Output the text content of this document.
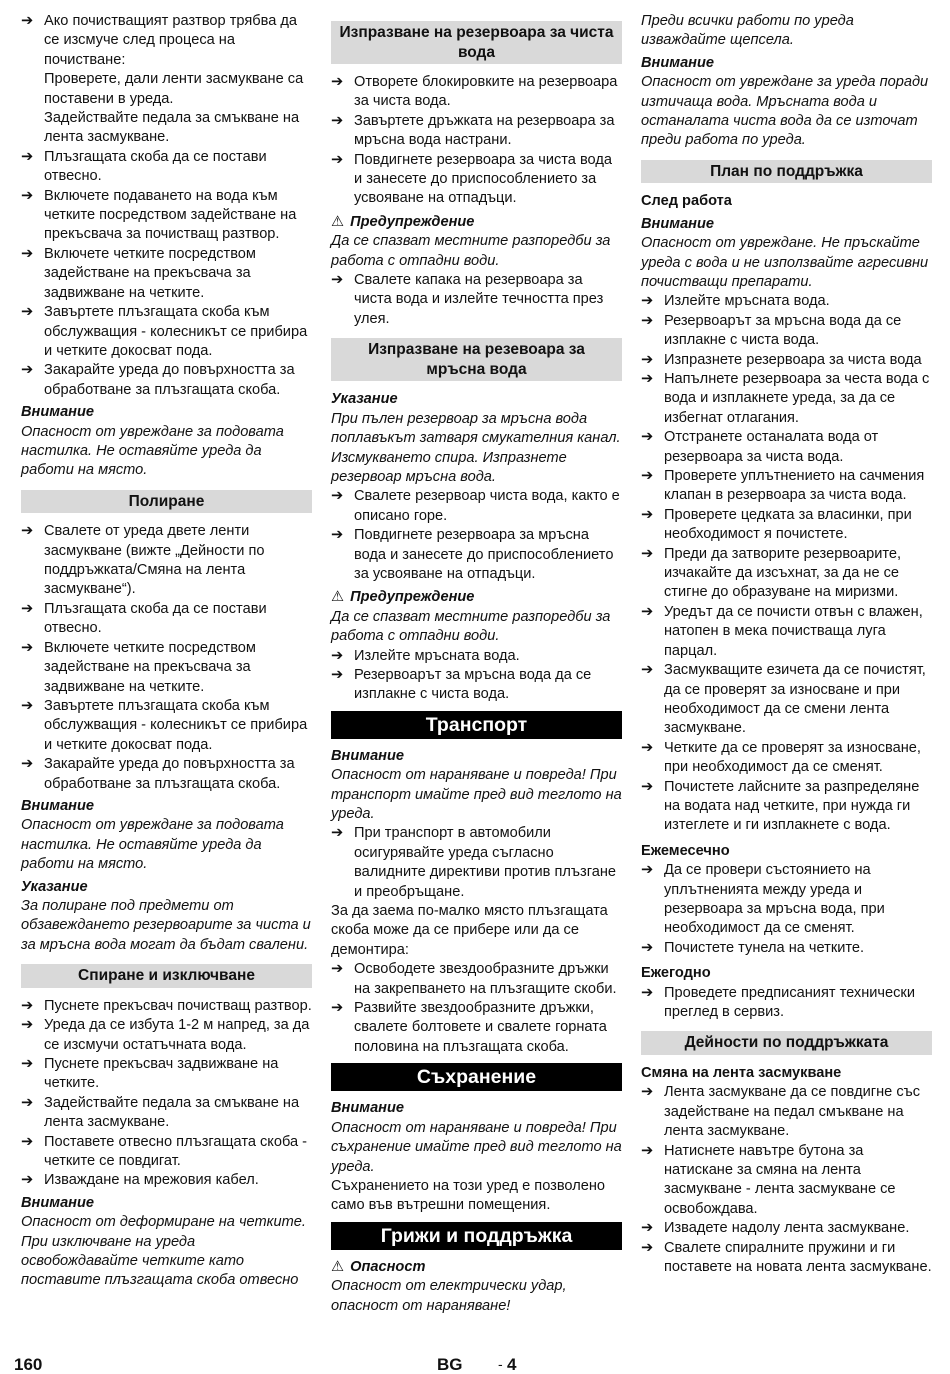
➔ Ако почистващият разтвор трябва да се изсмуче след процеса на почистване:

Проверете, дали ленти засмукване са поставени в уреда.

Задействайте педала за смъкване на лента засмукване.

➔ Плъзгащата скоба да се постави отвесно.

➔ Включете подаването на вода към четките посредством задействане на прекъсвача за почистващ разтвор.

➔ Включете четките посредством задействане на прекъсвача за задвижване на четките.

➔ Завъртете плъзгащата скоба към обслужващия - колесникът се прибира и четките докосват пода.

➔ Закарайте уреда до повърхността за обработване за плъзгащата скоба.

Внимание

Опасност от увреждане за подовата настилка. Не оставяйте уреда да работи на място.

Полиране

➔ Свалете от уреда двете ленти засмукване (вижте „Дейности по поддръжката/Смяна на лента засмукване“).

➔ Плъзгащата скоба да се постави отвесно.

➔ Включете четките посредством задействане на прекъсвача за задвижване на четките.

➔ Завъртете плъзгащата скоба към обслужващия - колесникът се прибира и четките докосват пода.

➔ Закарайте уреда до повърхността за обработване за плъзгащата скоба.

Внимание

Опасност от увреждане за подовата настилка. Не оставяйте уреда да работи на място.

Указание

За полиране под предмети от обзавеждането резервоарите за чиста и за мръсна вода могат да бъдат свалени.

Спиране и изключване

➔ Пуснете прекъсвач почистващ разтвор.

➔ Уреда да се избута 1-2 м напред, за да се изсмучи остатъчната вода.

➔ Пуснете прекъсвач задвижване на четките.

➔ Задействайте педала за смъкване на лента засмукване.

➔ Поставете отвесно плъзгащата скоба - четките се повдигат.

➔ Изваждане на мрежовия кабел.

Внимание

Опасност от деформиране на четките. При изключване на уреда освобождавайте четките като поставите плъзгащата скоба отвесно

Изпразване на резервоара за чиста вода

➔ Отворете блокировките на резервоара за чиста вода.

➔ Завъртете дръжката на резервоара за мръсна вода настрани.

➔ Повдигнете резервоара за чиста вода и занесете до приспособлението за усвояване на отпадъци.

⚠ Предупреждение

Да се спазват местните разпоредби за работа с отпадни води.

➔ Свалете капака на резервоара за чиста вода и излейте течността през улея.

Изпразване на резевоара за мръсна вода

Указание

При пълен резервоар за мръсна вода поплавъкът затваря смукателния канал. Изсмукването спира. Изпразнете резервоар мръсна вода.

➔ Свалете резервоар чиста вода, както е описано горе.

➔ Повдигнете резервоара за мръсна вода и занесете до приспособлението за усвояване на отпадъци.

⚠ Предупреждение

Да се спазват местните разпоредби за работа с отпадни води.

➔ Излейте мръсната вода.

➔ Резервоарът за мръсна вода да се изплакне с чиста вода.

Транспорт

Внимание

Опасност от нараняване и повреда! При транспорт имайте пред вид теглото на уреда.

➔ При транспорт в автомобили осигурявайте уреда съгласно валидните директиви против плъзгане и преобръщане.

За да заема по-малко място плъзгащата скоба може да се прибере или да се демонтира:

➔ Освободете звездообразните дръжки на закрепването на плъзгащите скоби.

➔ Развийте звездообразните дръжки, свалете болтовете и свалете горната половина на плъзгащата скоба.

Съхранение

Внимание

Опасност от нараняване и повреда! При съхранение имайте пред вид теглото на уреда.

Съхранението на този уред е позволено само във вътрешни помещения.

Грижи и поддръжка

⚠ Опасност

Опасност от електрически удар, опасност от нараняване!

Преди всички работи по уреда изваждайте щепсела.

Внимание

Опасност от увреждане за уреда поради изтичаща вода. Мръсната вода и останалата чиста вода да се източат преди работа по уреда.

План по поддръжка

След работа

Внимание

Опасност от увреждане. Не пръскайте уреда с вода и не използвайте агресивни почистващи препарати.

➔ Излейте мръсната вода.

➔ Резервоарът за мръсна вода да се изплакне с чиста вода.

➔ Изпразнете резервоара за чиста вода

➔ Напълнете резервоара за честа вода с вода и изплакнете уреда, за да се избегнат отлагания.

➔ Отстранете останалата вода от резервоара за чиста вода.

➔ Проверете уплътнението на сачмения клапан в резервоара за чиста вода.

➔ Проверете цедката за власинки, при необходимост я почистете.

➔ Преди да затворите резервоарите, изчакайте да изсъхнат, за да не се стигне до образуване на миризми.

➔ Уредът да се почисти отвън с влажен, натопен в мека почистваща луга парцал.

➔ Засмукващите езичета да се почистят, да се проверят за износване и при необходимост да се смени лента засмукване.

➔ Четките да се проверят за износване, при необходимост да се сменят.

➔ Почистете лайсните за разпределяне на водата над четките, при нужда ги изтеглете и ги изплакнете с вода.

Ежемесечно

➔ Да се провери състоянието на уплътненията между уреда и резервоара за мръсна вода, при необходимост да се сменят.

➔ Почистете тунела на четките.

Ежегодно

➔ Проведете предписаният технически преглед в сервиз.

Дейности по поддръжката

Смяна на лента засмукване

➔ Лента засмукване да се повдигне със задействане на педал смъкване на лента засмукване.

➔ Натиснете навътре бутона за натискане за смяна на лента засмукване - лента засмукване се освобождава.

➔ Извадете надолу лента засмукване.

➔ Свалете спиралните пружини и ги поставете на новата лента засмукване.

160	BG	- 4
